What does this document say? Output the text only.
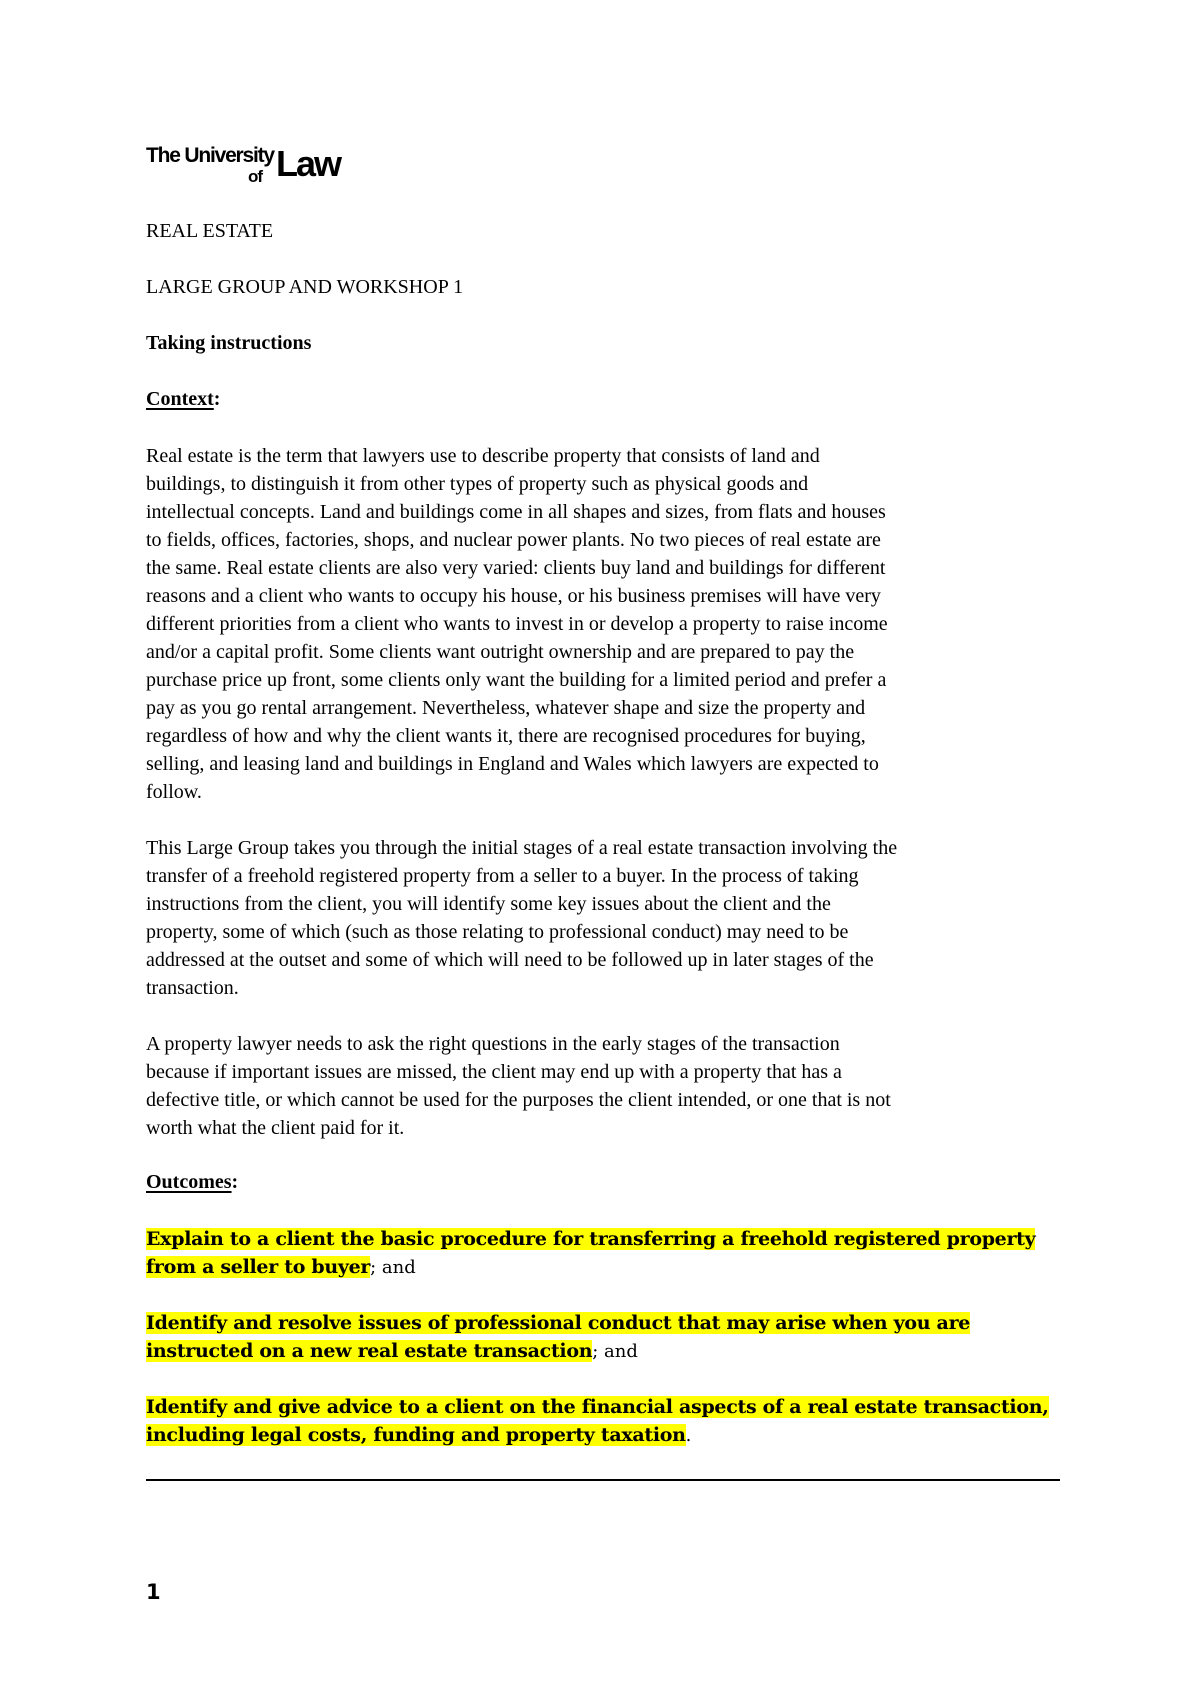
The University
of Law
REAL ESTATE
LARGE GROUP AND WORKSHOP 1
Taking instructions
Context:
Real estate is the term that lawyers use to describe property that consists of land and
buildings, to distinguish it from other types of property such as physical goods and
intellectual concepts. Land and buildings come in all shapes and sizes, from flats and houses
to fields, offices, factories, shops, and nuclear power plants. No two pieces of real estate are
the same. Real estate clients are also very varied: clients buy land and buildings for different
reasons and a client who wants to occupy his house, or his business premises will have very
different priorities from a client who wants to invest in or develop a property to raise income
and/or a capital profit. Some clients want outright ownership and are prepared to pay the
purchase price up front, some clients only want the building for a limited period and prefer a
pay as you go rental arrangement. Nevertheless, whatever shape and size the property and
regardless of how and why the client wants it, there are recognised procedures for buying,
selling, and leasing land and buildings in England and Wales which lawyers are expected to
follow.
This Large Group takes you through the initial stages of a real estate transaction involving the
transfer of a freehold registered property from a seller to a buyer. In the process of taking
instructions from the client, you will identify some key issues about the client and the
property, some of which (such as those relating to professional conduct) may need to be
addressed at the outset and some of which will need to be followed up in later stages of the
transaction.
A property lawyer needs to ask the right questions in the early stages of the transaction
because if important issues are missed, the client may end up with a property that has a
defective title, or which cannot be used for the purposes the client intended, or one that is not
worth what the client paid for it.
Outcomes:
Explain to a client the basic procedure for transferring a freehold registered property
from a seller to buyer; and
Identify and resolve issues of professional conduct that may arise when you are
instructed on a new real estate transaction; and
Identify and give advice to a client on the financial aspects of a real estate transaction,
including legal costs, funding and property taxation.
1
